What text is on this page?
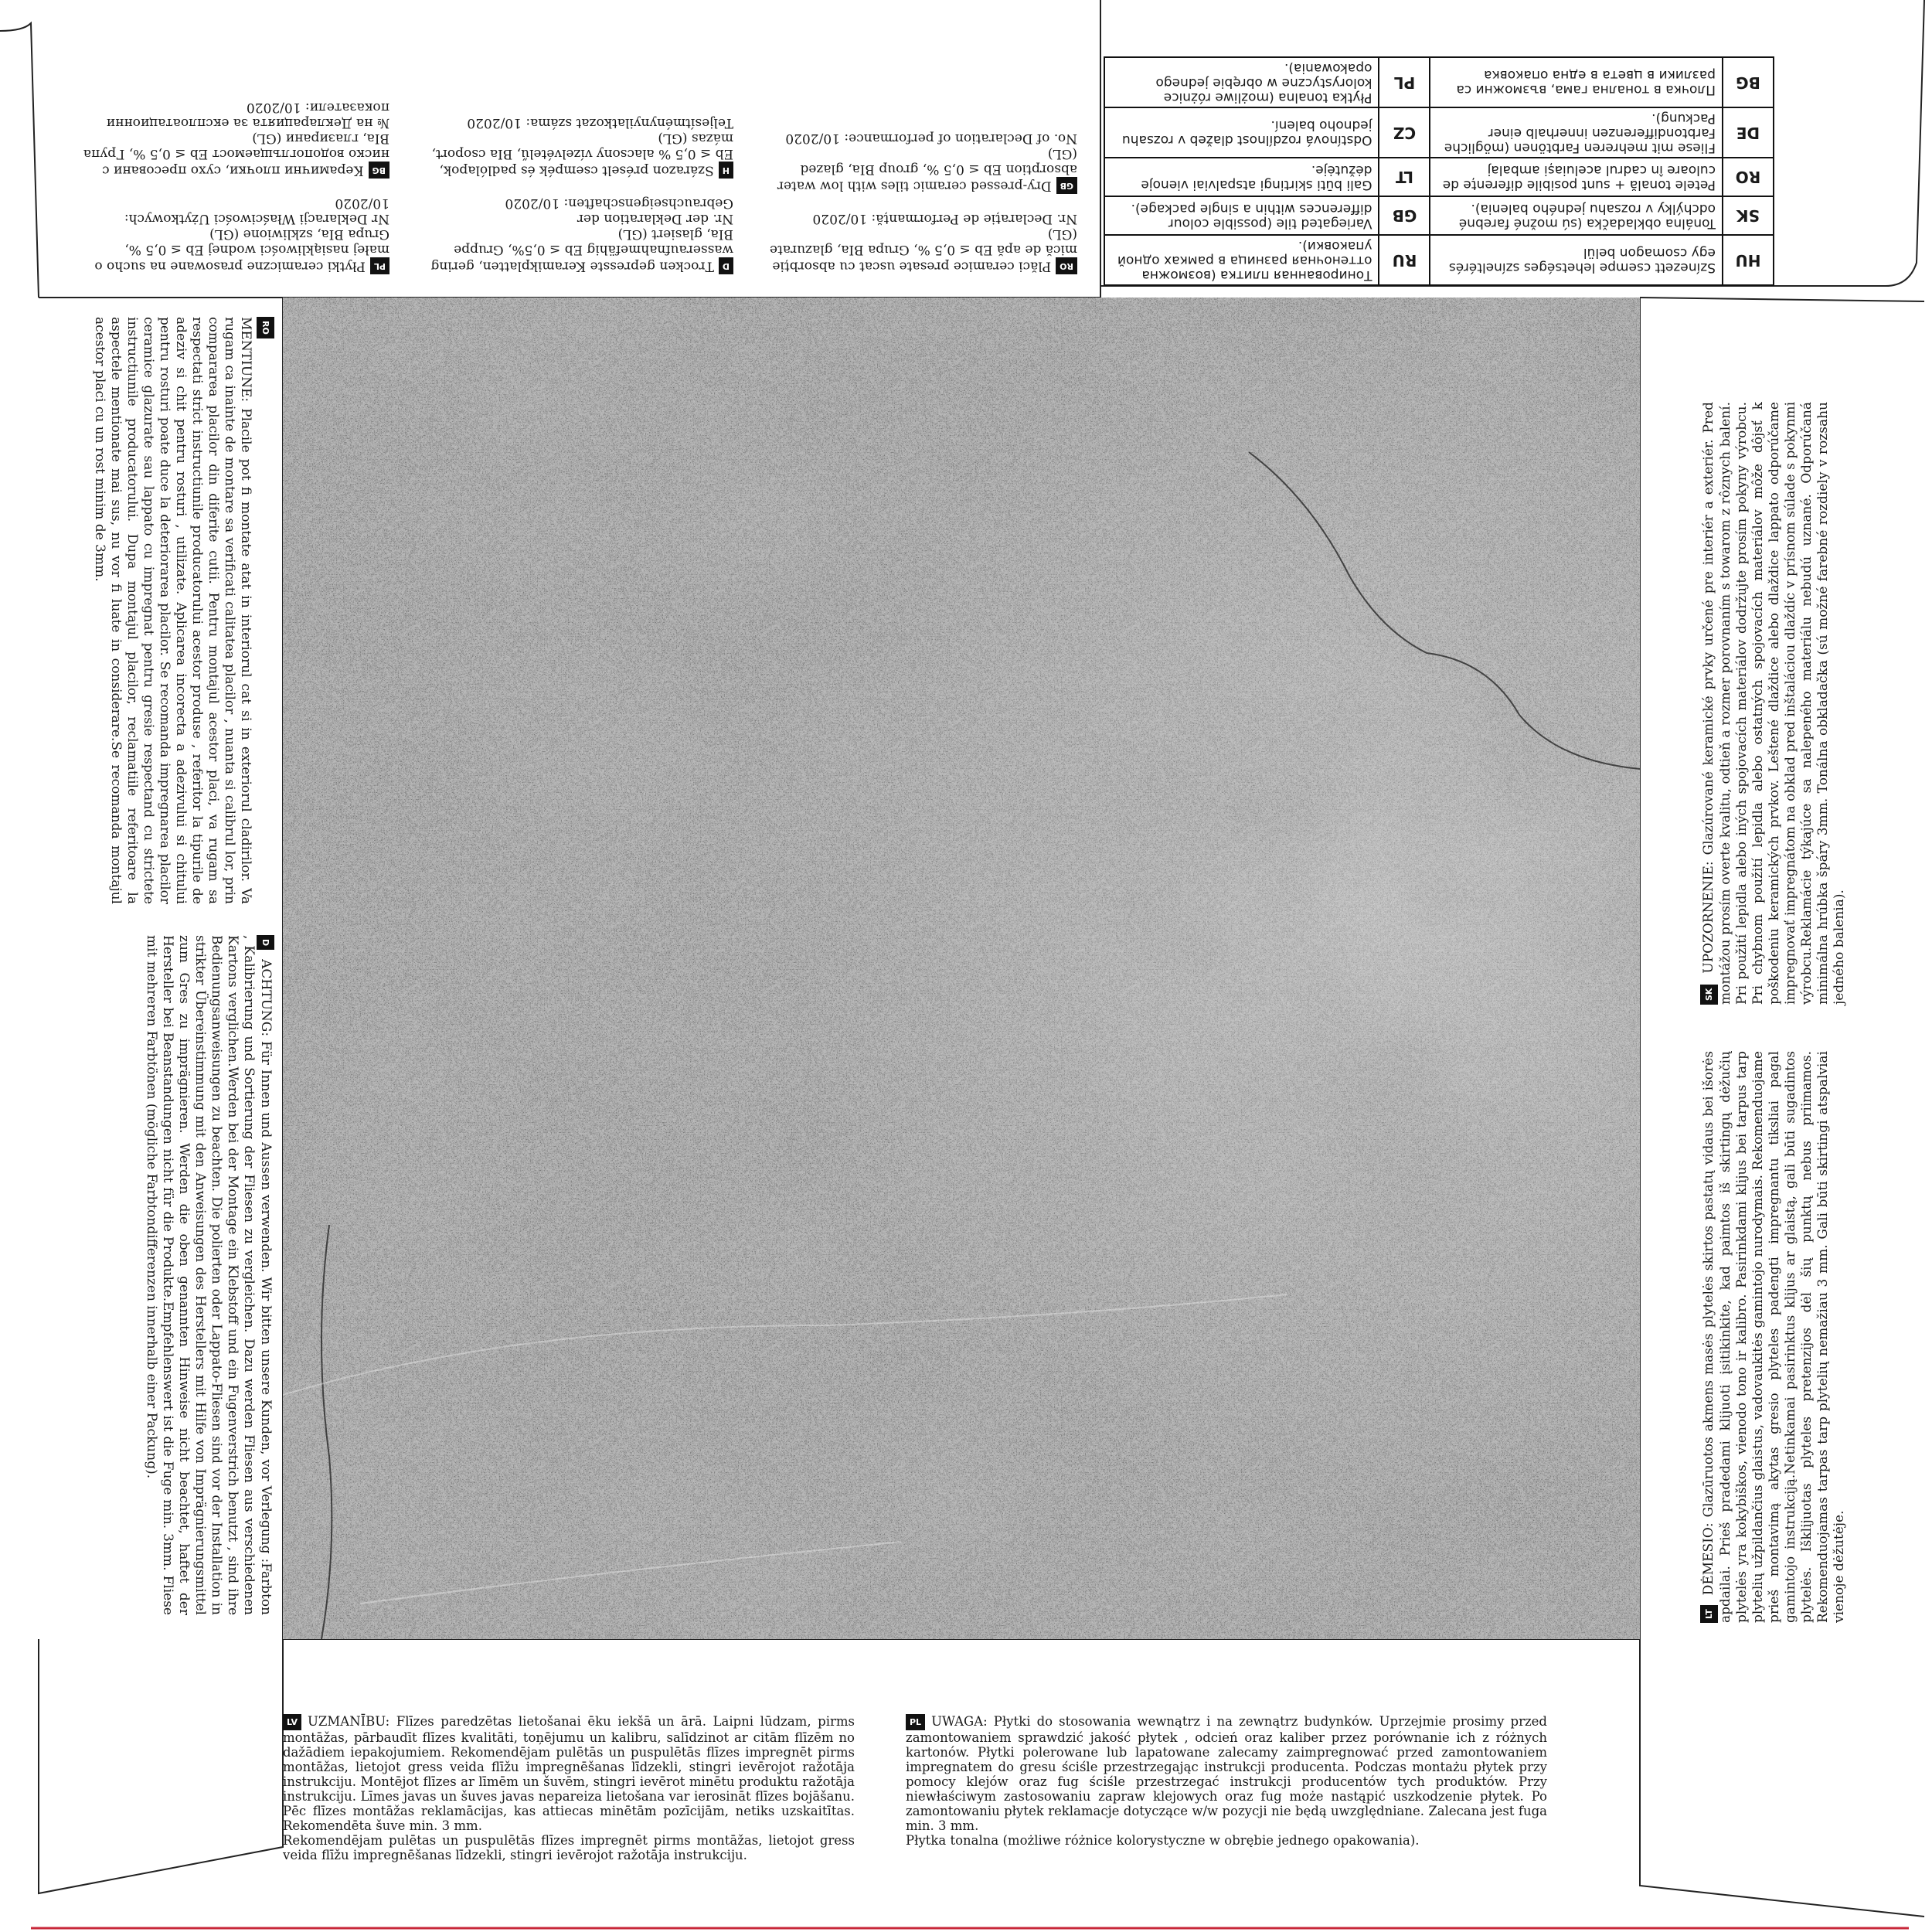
ROPlăci ceramice presate uscat cu absorbție mică de apă Eb ≤ 0,5 %, Grupa BIa, glazurate (GL)
Nr. Declarație de Performanță: 10/2020
GBDry-pressed ceramic tiles with low water absorption Eb ≤ 0,5 %, group BIa, glazed (GL)
No. of Declaration of performance: 10/2020
DTrocken gepresste Keramikplatten, gering wasseraufnahmefähig Eb ≤ 0,5%, Gruppe BIa, glasiert (GL)
Nr. der Deklaration der Gebrauchseigenschaften: 10/2020
HSzárazon préselt csempék és padlólapok, Eb ≤ 0,5 % alacsony vízelvételű, BIa csoport, mázas (GL)
Teljesítménynyilatkozat száma: 10/2020
PLPłytki ceramiczne prasowane na sucho o małej nasiąkliwości wodnej Eb ≤ 0,5 %, Grupa BIa, szkliwione (GL)
Nr Deklaracji Właściwości Użytkowych: 10/2020
BGКерамични плочки, сухо пресовани с ниско водопоглъщаемост Eb ≤ 0,5 %, Група BIa, глазирани (GL)
№ на Декларацията за експлоатационни показатели: 10/2020
HU	Színezett csempe lehetséges színeltérés egy csomagon belül	RU	Тонированная плитка (возможна оттеночная разница в рамках одной упаковки).
SK	Tonálna obkladačka (sú možné farebné odchýlky v rozsahu jedného balenia).	GB	Variegated tile (possible colour differences within a single package).
RO	Petele tonală + sunt posibile diferențe de culoare în cadrul aceluiași ambalaj	LT	Gali būti skirtingi atspalviai vienoje dėžutėje.
DE	Fliese mit mehreren Farbtönen (mögliche Farbtondifferenzen innerhalb einer Packung).	CZ	Odstínová rozdílnost dlažeb v rozsahu jednoho balení.
BG	Плочка в тонална гама, възможни са разлики в цвета в една опаковка	PL	Płytka tonalna (możliwe różnice kolorystyczne w obrębie jednego opakowania).
RO
MENTIUNE: Placile pot fi montate atat in interiorul cat si in exteriorul cladirilor. Va rugam ca inainte de montare sa verificati calitatea placilor , nuanta si calibrul lor, prin compararea placilor din diferite cutii. Pentru montajul acestor placi, va rugam sa respectati strict instructiunile producatorului acestor produse , referitor la tipurile de adeziv si chit pentru rosturi , utilizate. Aplicarea incorecta a adezivului si chitului pentru rosturi poate duce la deteriorarea placilor. Se recomanda impregnarea placilor ceramice glazurate sau lappato cu impregnat pentru gresie respectand cu strictete instructiunile producatorului. Dupa montajul placilor, reclamatiile referitoare la aspectele mentionate mai sus, nu vor fi luate in considerare.Se recomanda montajul acestor placi cu un rost minim de 3mm.
D ACHTUNG: Für Innen und Aussen verwenden. Wir bitten unsere Kunden, vor Verlegung :Farbton , Kalibrierung und Sortierung der Fliesen zu vergleichen. Dazu werden Fliesen aus verschiedenen Kartons verglichen.Werden bei der Montage ein Klebstoff und ein Fugenverstrich benutzt , sind ihre Bedienungsanweisungen zu beachten. Die polierten oder Lappato-Fliesen sind vor der Installation in strikter Übereinstimmung mit den Anweisungen des Herstellers mit Hilfe von Imprägnierungsmittel zum Gres zu imprägnieren. Werden die oben genannten Hinweise nicht beachtet, haftet der Hersteller bei Beanstandungen nicht für die Produkte.Empfehlenswert ist die Fuge min. 3mm. Fliese mit mehreren Farbtönen (mögliche Farbtondifferenzen innerhalb einer Packung).
LT DĖMESIO: Glazūruotos akmens masės plytelės skirtos pastatų vidaus bei išorės apdailai. Prieš pradedami klijuoti įsitikinkite, kad paimtos iš skirtingų dėžučių plytelės yra kokybiškos, vienodo tono ir kalibro. Pasirinkdami klijus bei tarpus tarp plytelių užpildančius glaistus, vadovaukitės gamintojo nurodymais. Rekomenduojame prieš montavimą akytas gresio plyteles padengti impregnantu tiksliai pagal gamintojo instrukciją.Netinkamai pasirinktus klijus ar glaistą, gali būti sugadintos plytelės. Išklijuotas plyteles pretenzijos dėl šių punktų nebus priimamos. Rekomenduojamas tarpas tarp plytelių nemažiau 3 mm. Gali būti skirtingi atspalviai vienoje dėžutėje.
SK UPOZORNENIE: Glazúrované keramické prvky určené pre interiér a exteriér. Pred montážou prosím overte kvalitu, odtieň a rozmer porovnaním s towarom z rôznych balení. Pri použití lepidla alebo iných spojovacích materiálov dodržujte prosím pokyny výrobcu. Pri chybnom použití lepidla alebo ostatných spojovacích materiálov môže dôjsť k poškodeniu keramických prvkov. Leštené dlaždice alebo dlaždice lappato odporúčame impregnovať impregnátom na obklad pred inštaláciou dlaždíc v prísnom súlade s pokynmi výrobcu.Reklamácie týkajúce sa nalepeného materiálu nebudú uznané. Odporúčaná minimálna hrúbka špáry 3mm. Tonálna obkladačka (sú možné farebné rozdiely v rozsahu jedného balenia).
LV UZMANĪBU: Flīzes paredzētas lietošanai ēku iekšā un ārā. Laipni lūdzam, pirms montāžas, pārbaudīt flīzes kvalitāti, toņējumu un kalibru, salīdzinot ar citām flīzēm no dažādiem iepakojumiem. Rekomendējam pulētās un puspulētās flīzes impregnēt pirms montāžas, lietojot gress veida flīžu impregnēšanas līdzekli, stingri ievērojot ražotāja instrukciju. Montējot flīzes ar līmēm un šuvēm, stingri ievērot minētu produktu ražotāja instrukciju. Līmes javas un šuves javas nepareiza lietošana var ierosināt flīzes bojāšanu. Pēc flīzes montāžas reklamācijas, kas attiecas minētām pozīcijām, netiks uzskaitītas. Rekomendēta šuve min. 3 mm.
Rekomendējam pulētas un puspulētās flīzes impregnēt pirms montāžas, lietojot gress veida flīžu impregnēšanas līdzekli, stingri ievērojot ražotāja instrukciju.
PL UWAGA: Płytki do stosowania wewnątrz i na zewnątrz budynków. Uprzejmie prosimy przed zamontowaniem sprawdzić jakość płytek , odcień oraz kaliber przez porównanie ich z różnych kartonów. Płytki polerowane lub lapatowane zalecamy zaimpregnować przed zamontowaniem impregnatem do gresu ściśle przestrzegając instrukcji producenta. Podczas montażu płytek przy pomocy klejów oraz fug ściśle przestrzegać instrukcji producentów tych produktów. Przy niewłaściwym zastosowaniu zapraw klejowych oraz fug może nastąpić uszkodzenie płytek. Po zamontowaniu płytek reklamacje dotyczące w/w pozycji nie będą uwzględniane. Zalecana jest fuga min. 3 mm.
Płytka tonalna (możliwe różnice kolorystyczne w obrębie jednego opakowania).
